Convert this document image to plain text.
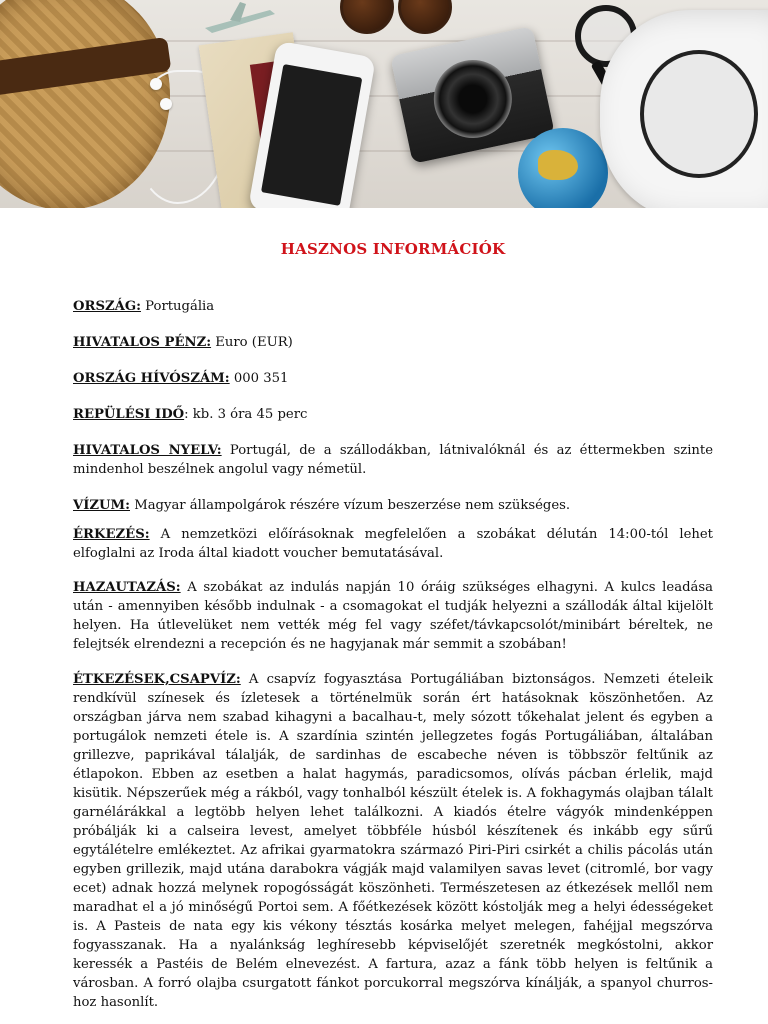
HASZNOS INFORMÁCIÓK

ORSZÁG: Portugália

HIVATALOS PÉNZ: Euro (EUR)

ORSZÁG HÍVÓSZÁM: 000 351

REPÜLÉSI IDŐ: kb. 3 óra 45 perc

HIVATALOS NYELV: Portugál, de a szállodákban, látnivalóknál és az éttermekben szinte mindenhol beszélnek angolul vagy németül.

VÍZUM: Magyar állampolgárok részére vízum beszerzése nem szükséges.

ÉRKEZÉS: A nemzetközi előírásoknak megfelelően a szobákat délután 14:00-tól lehet elfoglalni az Iroda által kiadott voucher bemutatásával.

HAZAUTAZÁS: A szobákat az indulás napján 10 óráig szükséges elhagyni. A kulcs leadása után - amennyiben később indulnak - a csomagokat el tudják helyezni a szállodák által kijelölt helyen. Ha útlevelüket nem vették még fel vagy széfet/távkapcsolót/minibárt béreltek, ne felejtsék elrendezni a recepción és ne hagyjanak már semmit a szobában!

ÉTKEZÉSEK,CSAPVÍZ: A csapvíz fogyasztása Portugáliában biztonságos. Nemzeti ételeik rendkívül színesek és ízletesek a történelmük során ért hatásoknak köszönhetően. Az országban járva nem szabad kihagyni a bacalhau-t, mely sózott tőkehalat jelent és egyben a portugálok nemzeti étele is. A szardínia szintén jellegzetes fogás Portugáliában, általában grillezve, paprikával tálalják, de sardinhas de escabeche néven is többször feltűnik az étlapokon. Ebben az esetben a halat hagymás, paradicsomos, olívás pácban érlelik, majd kisütik. Népszerűek még a rákból, vagy tonhalból készült ételek is. A fokhagymás olajban tálalt garnélárákkal a legtöbb helyen lehet találkozni. A kiadós ételre vágyók mindenképpen próbálják ki a calseira levest, amelyet többféle húsból készítenek és inkább egy sűrű egytálételre emlékeztet. Az afrikai gyarmatokra származó Piri-Piri csirkét a chilis pácolás után egyben grillezik, majd utána darabokra vágják majd valamilyen savas levet (citromlé, bor vagy ecet) adnak hozzá melynek ropogósságát köszönheti. Természetesen az étkezések mellől nem maradhat el a jó minőségű Portoi sem. A főétkezések között kóstolják meg a helyi édességeket is. A Pasteis de nata egy kis vékony tésztás kosárka melyet melegen, fahéjjal megszórva fogyasszanak. Ha a nyalánkság leghíresebb képviselőjét szeretnék megkóstolni, akkor keressék a Pastéis de Belém elnevezést. A fartura, azaz a fánk több helyen is feltűnik a városban. A forró olajba csurgatott fánkot porcukorral megszórva kínálják, a spanyol churros-hoz hasonlít.
